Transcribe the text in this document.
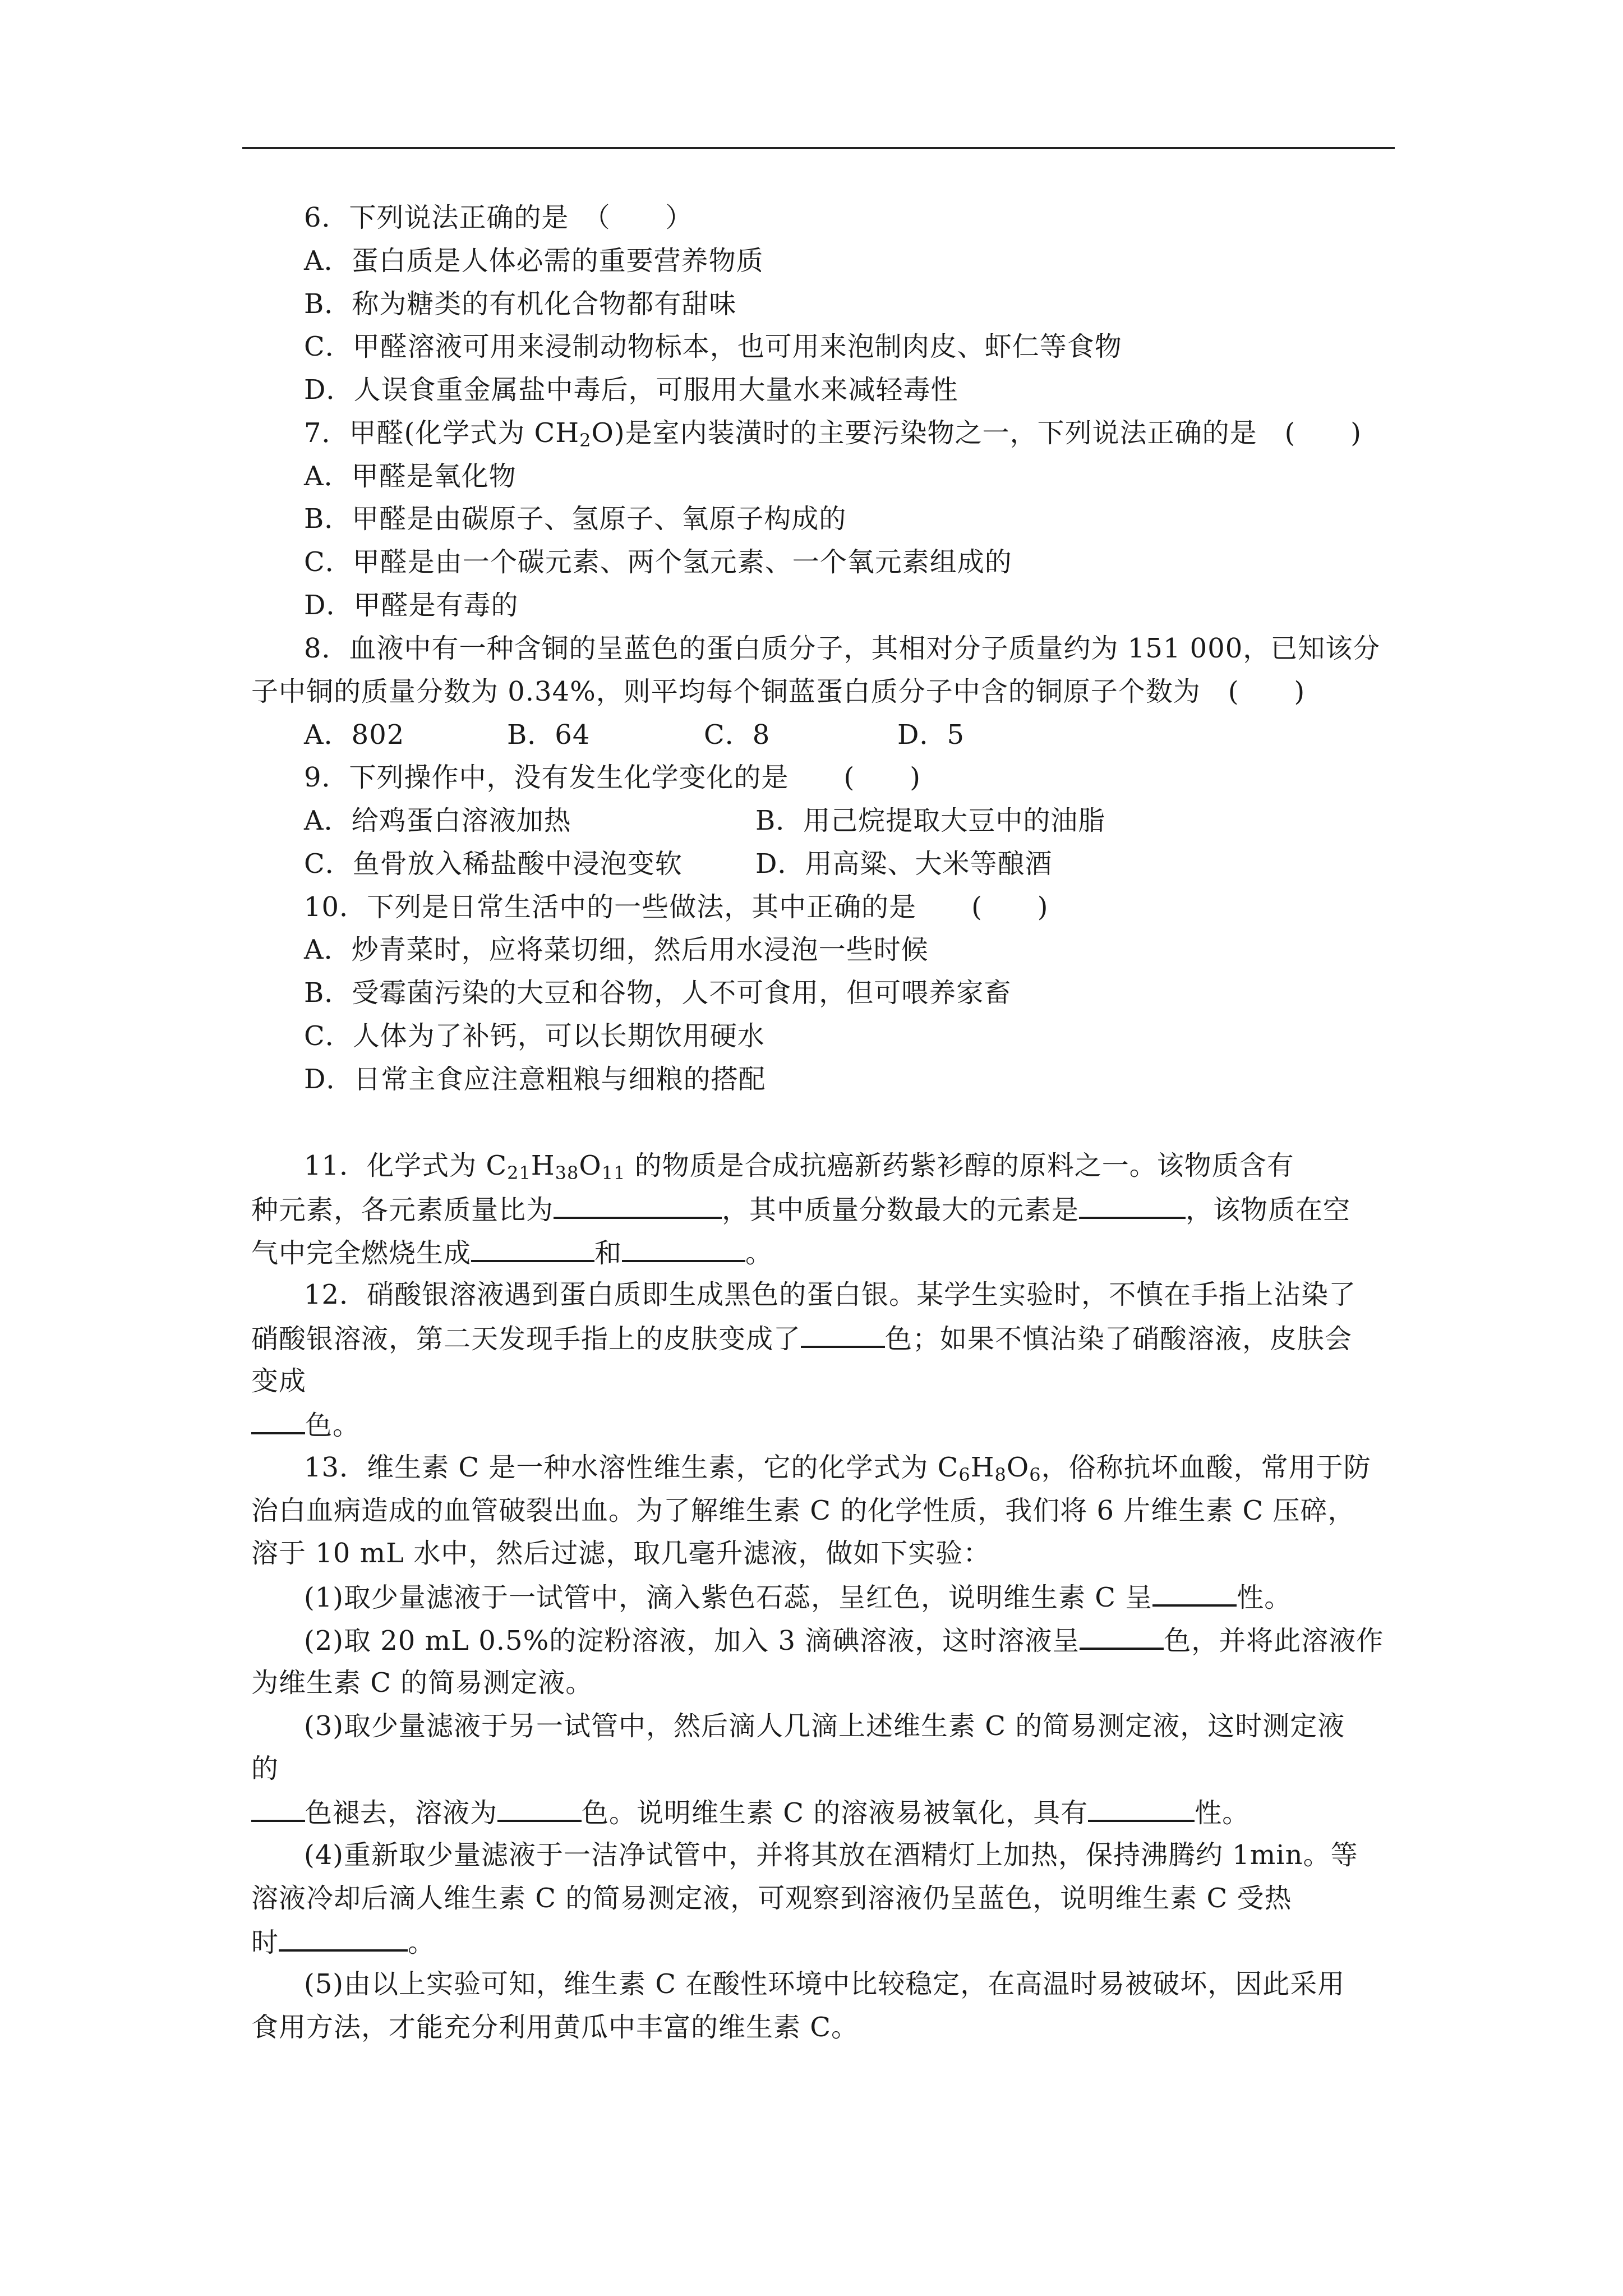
6．下列说法正确的是　（　　）
A．蛋白质是人体必需的重要营养物质
B．称为糖类的有机化合物都有甜味
C．甲醛溶液可用来浸制动物标本，也可用来泡制肉皮、虾仁等食物
D．人误食重金属盐中毒后，可服用大量水来减轻毒性
7．甲醛(化学式为 $CH_2O$)是室内装潢时的主要污染物之一，下列说法正确的是　(　　)
A．甲醛是氧化物
B．甲醛是由碳原子、氢原子、氧原子构成的
C．甲醛是由一个碳元素、两个氢元素、一个氧元素组成的
D．甲醛是有毒的
8．血液中有一种含铜的呈蓝色的蛋白质分子，其相对分子质量约为 151 000，已知该分
子中铜的质量分数为 0.34%，则平均每个铜蓝蛋白质分子中含的铜原子个数为　(　　)
A．802	B．64	C．8	D．5
9．下列操作中，没有发生化学变化的是　　(　　)
A．给鸡蛋白溶液加热	B．用己烷提取大豆中的油脂
C．鱼骨放入稀盐酸中浸泡变软	D．用高粱、大米等酿酒
10．下列是日常生活中的一些做法，其中正确的是　　(　　)
A．炒青菜时，应将菜切细，然后用水浸泡一些时候
B．受霉菌污染的大豆和谷物，人不可食用，但可喂养家畜
C．人体为了补钙，可以长期饮用硬水
D．日常主食应注意粗粮与细粮的搭配
11．化学式为 $C_{21}H_{38}O_{11}$ 的物质是合成抗癌新药紫衫醇的原料之一。该物质含有
种元素，各元素质量比为	，其中质量分数最大的元素是	，该物质在空
气中完全燃烧生成	和	。
12．硝酸银溶液遇到蛋白质即生成黑色的蛋白银。某学生实验时，不慎在手指上沾染了
硝酸银溶液，第二天发现手指上的皮肤变成了	色；如果不慎沾染了硝酸溶液，皮肤会
变成
色。
13．维生素 C 是一种水溶性维生素，它的化学式为 $C_6H_8O_6$，俗称抗坏血酸，常用于防
治白血病造成的血管破裂出血。为了解维生素 C 的化学性质，我们将 6 片维生素 C 压碎，
溶于 10 mL 水中，然后过滤，取几毫升滤液，做如下实验：
(1)取少量滤液于一试管中，滴入紫色石蕊，呈红色，说明维生素 C 呈	性。
(2)取 20 mL 0.5%的淀粉溶液，加入 3 滴碘溶液，这时溶液呈	色，并将此溶液作
为维生素 C 的简易测定液。
(3)取少量滤液于另一试管中，然后滴人几滴上述维生素 C 的简易测定液，这时测定液
的
色褪去，溶液为	色。说明维生素 C 的溶液易被氧化，具有	性。
(4)重新取少量滤液于一洁净试管中，并将其放在酒精灯上加热，保持沸腾约 1min。等
溶液冷却后滴人维生素 C 的简易测定液，可观察到溶液仍呈蓝色，说明维生素 C 受热
时	。
(5)由以上实验可知，维生素 C 在酸性环境中比较稳定，在高温时易被破坏，因此采用
食用方法，才能充分利用黄瓜中丰富的维生素 C。
